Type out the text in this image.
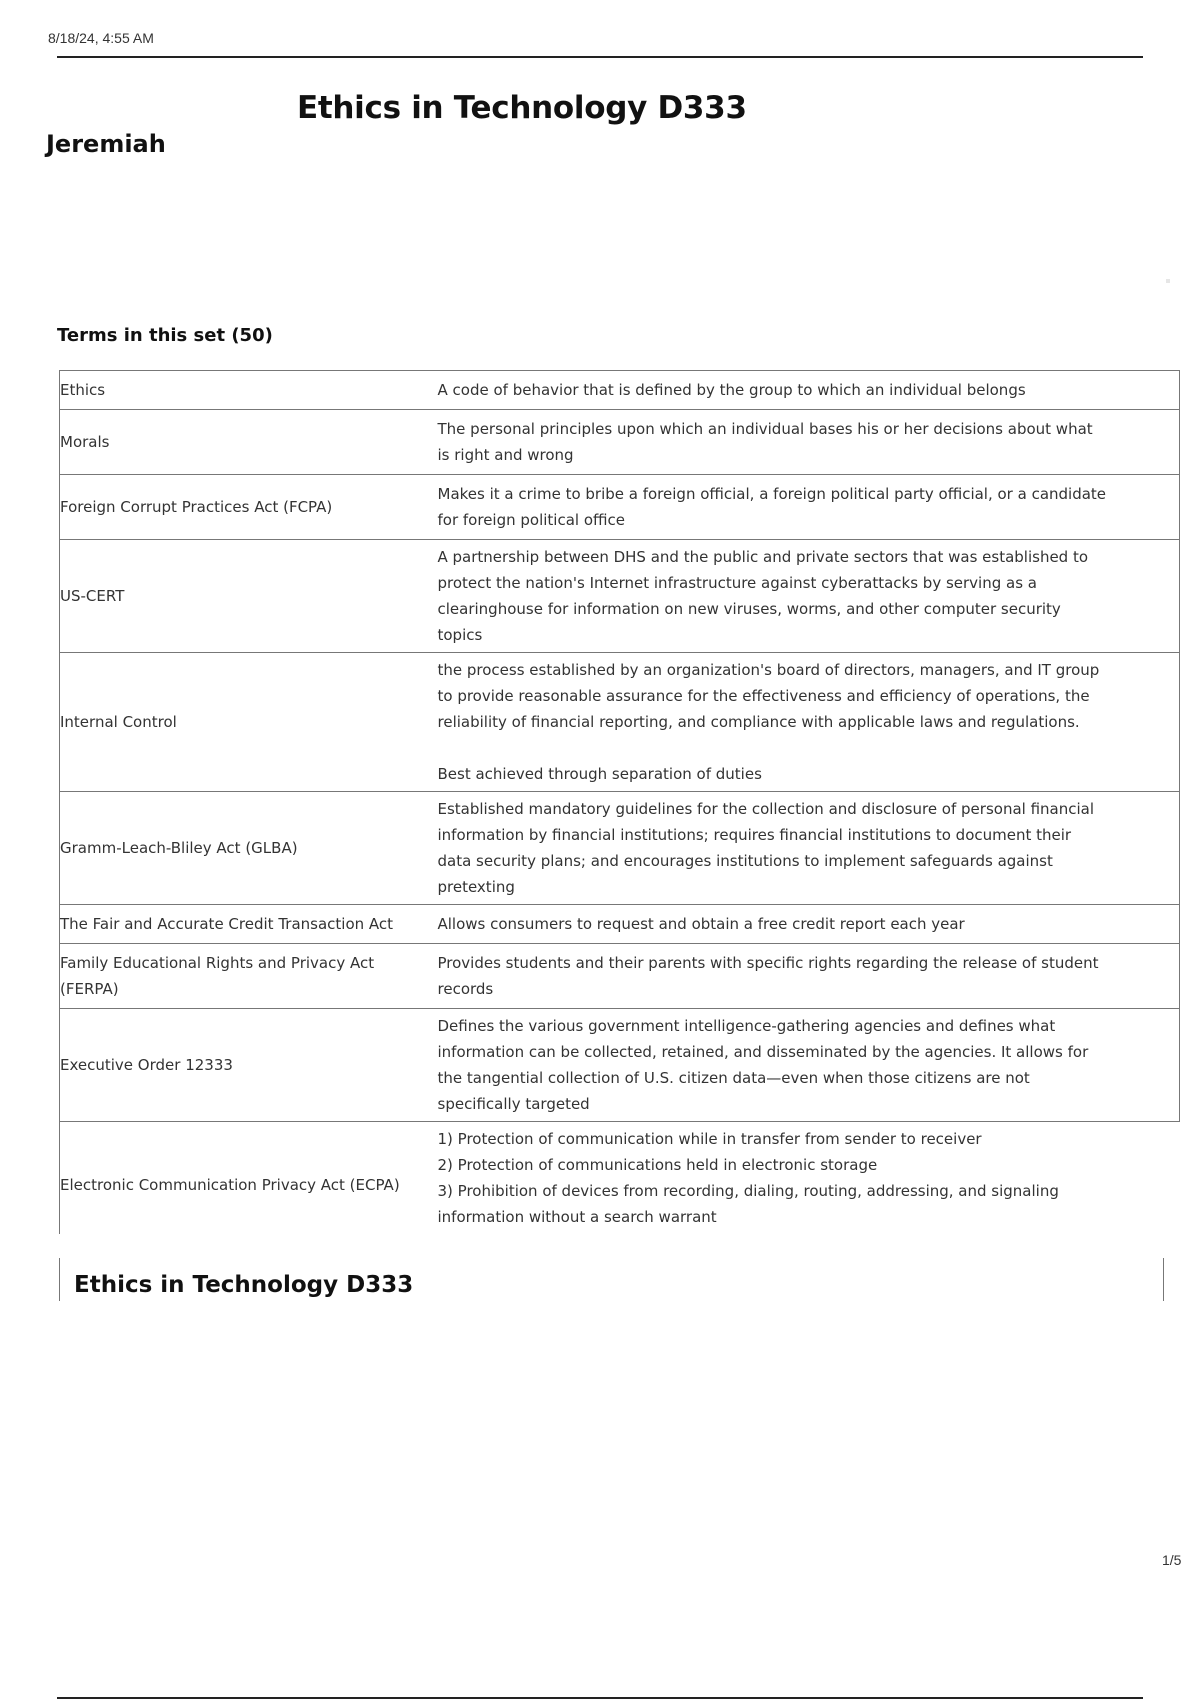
8/18/24, 4:55 AM
Ethics in Technology D333
Jeremiah
Terms in this set (50)
Ethics	A code of behavior that is defined by the group to which an individual belongs
Morals	The personal principles upon which an individual bases his or her decisions about what is right and wrong
Foreign Corrupt Practices Act (FCPA)	Makes it a crime to bribe a foreign official, a foreign political party official, or a candidate for foreign political office
US-CERT	A partnership between DHS and the public and private sectors that was established to protect the nation's Internet infrastructure against cyberattacks by serving as a clearinghouse for information on new viruses, worms, and other computer security topics
Internal Control	the process established by an organization's board of directors, managers, and IT group to provide reasonable assurance for the effectiveness and efficiency of operations, the reliability of financial reporting, and compliance with applicable laws and regulations.

Best achieved through separation of duties
Gramm-Leach-Bliley Act (GLBA)	Established mandatory guidelines for the collection and disclosure of personal financial information by financial institutions; requires financial institutions to document their data security plans; and encourages institutions to implement safeguards against pretexting
The Fair and Accurate Credit Transaction Act	Allows consumers to request and obtain a free credit report each year
Family Educational Rights and Privacy Act (FERPA)	Provides students and their parents with specific rights regarding the release of student records
Executive Order 12333	Defines the various government intelligence-gathering agencies and defines what information can be collected, retained, and disseminated by the agencies. It allows for the tangential collection of U.S. citizen data—even when those citizens are not specifically targeted
Electronic Communication Privacy Act (ECPA)	1) Protection of communication while in transfer from sender to receiver
2) Protection of communications held in electronic storage
3) Prohibition of devices from recording, dialing, routing, addressing, and signaling information without a search warrant
Ethics in Technology D333
1/5
